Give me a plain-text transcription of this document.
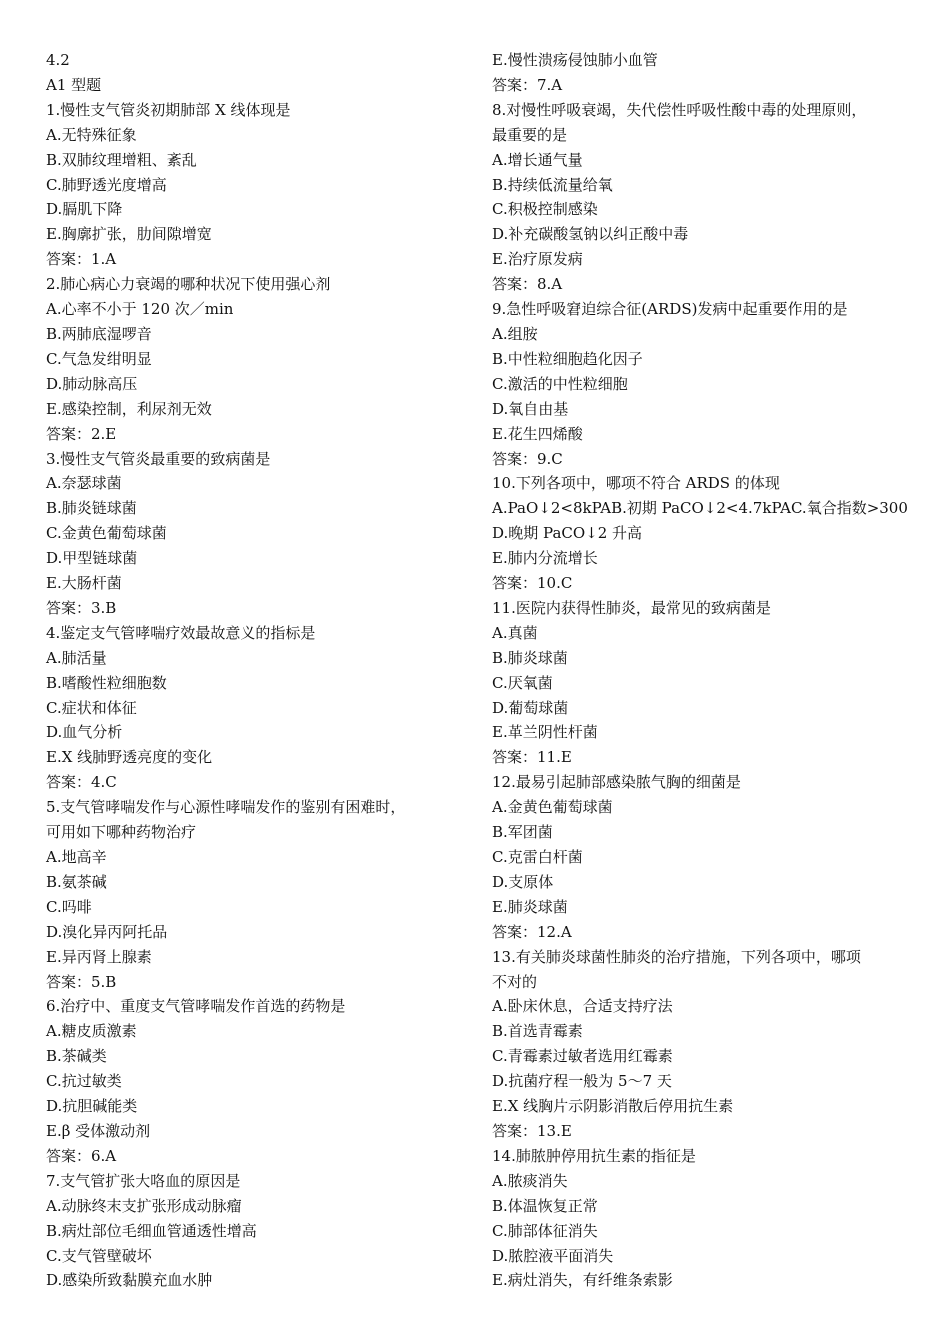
4.2
A1 型题
1.慢性支气管炎初期肺部 X 线体现是
A.无特殊征象
B.双肺纹理增粗、紊乱
C.肺野透光度增高
D.膈肌下降
E.胸廓扩张，肋间隙增宽
答案：1.A
2.肺心病心力衰竭的哪种状况下使用强心剂
A.心率不小于 120 次／min
B.两肺底湿啰音
C.气急发绀明显
D.肺动脉高压
E.感染控制，利尿剂无效
答案：2.E
3.慢性支气管炎最重要的致病菌是
A.奈瑟球菌
B.肺炎链球菌
C.金黄色葡萄球菌
D.甲型链球菌
E.大肠杆菌
答案：3.B
4.鉴定支气管哮喘疗效最故意义的指标是
A.肺活量
B.嗜酸性粒细胞数
C.症状和体征
D.血气分析
E.X 线肺野透亮度的变化
答案：4.C
5.支气管哮喘发作与心源性哮喘发作的鉴别有困难时，
可用如下哪种药物治疗
A.地高辛
B.氨茶碱
C.吗啡
D.溴化异丙阿托品
E.异丙肾上腺素
答案：5.B
6.治疗中、重度支气管哮喘发作首选的药物是
A.糖皮质激素
B.茶碱类
C.抗过敏类
D.抗胆碱能类
E.β 受体激动剂
答案：6.A
7.支气管扩张大咯血的原因是
A.动脉终末支扩张形成动脉瘤
B.病灶部位毛细血管通透性增高
C.支气管壁破坏
D.感染所致黏膜充血水肿
E.慢性溃疡侵蚀肺小血管
答案：7.A
8.对慢性呼吸衰竭，失代偿性呼吸性酸中毒的处理原则，
最重要的是
A.增长通气量
B.持续低流量给氧
C.积极控制感染
D.补充碳酸氢钠以纠正酸中毒
E.治疗原发病
答案：8.A
9.急性呼吸窘迫综合征(ARDS)发病中起重要作用的是
A.组胺
B.中性粒细胞趋化因子
C.激活的中性粒细胞
D.氧自由基
E.花生四烯酸
答案：9.C
10.下列各项中，哪项不符合 ARDS 的体现
A.PaO↓2<8kPAB.初期 PaCO↓2<4.7kPAC.氧合指数>300
D.晚期 PaCO↓2 升高
E.肺内分流增长
答案：10.C
11.医院内获得性肺炎，最常见的致病菌是
A.真菌
B.肺炎球菌
C.厌氧菌
D.葡萄球菌
E.革兰阴性杆菌
答案：11.E
12.最易引起肺部感染脓气胸的细菌是
A.金黄色葡萄球菌
B.军团菌
C.克雷白杆菌
D.支原体
E.肺炎球菌
答案：12.A
13.有关肺炎球菌性肺炎的治疗措施，下列各项中，哪项
不对的
A.卧床休息，合适支持疗法
B.首选青霉素
C.青霉素过敏者选用红霉素
D.抗菌疗程一般为 5～7 天
E.X 线胸片示阴影消散后停用抗生素
答案：13.E
14.肺脓肿停用抗生素的指征是
A.脓痰消失
B.体温恢复正常
C.肺部体征消失
D.脓腔液平面消失
E.病灶消失，有纤维条索影
